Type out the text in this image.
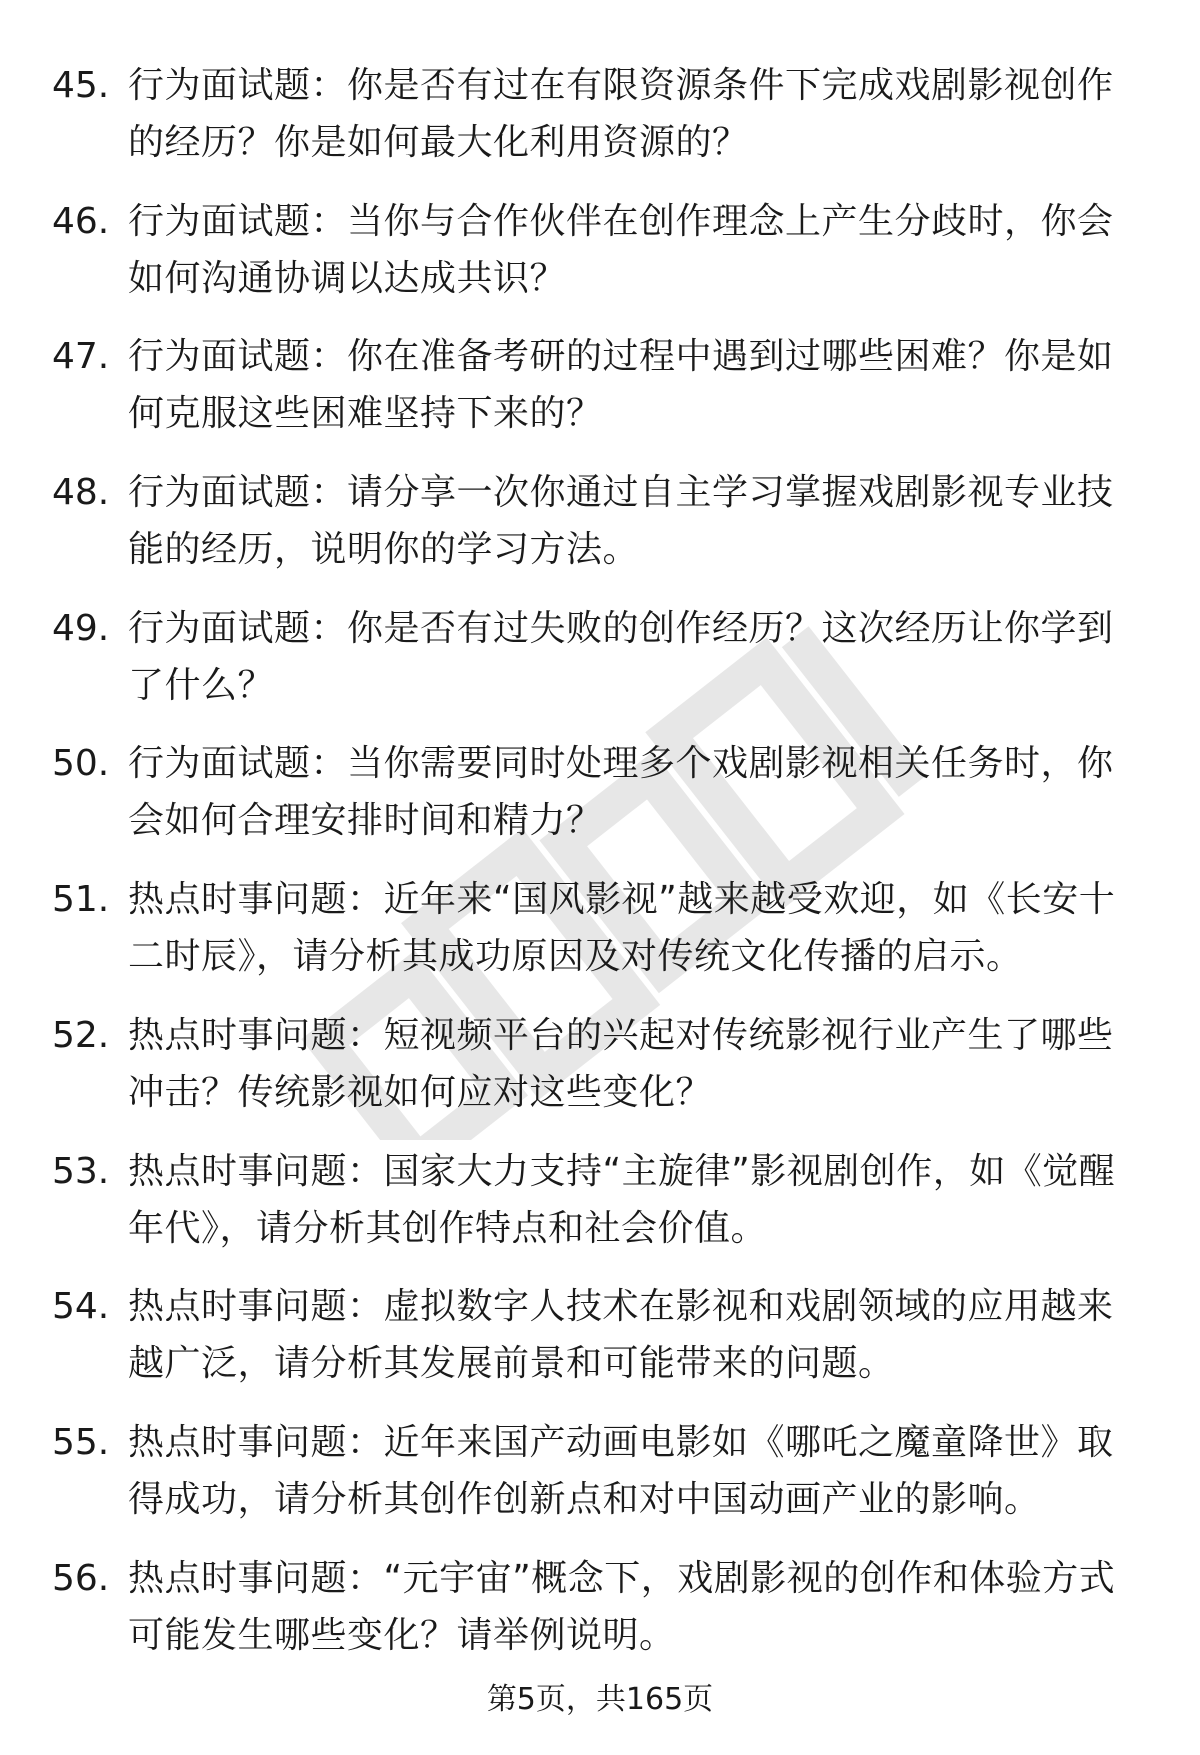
45. 行为面试题：你是否有过在有限资源条件下完成戏剧影视创作的经历？你是如何最大化利用资源的？
46. 行为面试题：当你与合作伙伴在创作理念上产生分歧时，你会如何沟通协调以达成共识？
47. 行为面试题：你在准备考研的过程中遇到过哪些困难？你是如何克服这些困难坚持下来的？
48. 行为面试题：请分享一次你通过自主学习掌握戏剧影视专业技能的经历，说明你的学习方法。
49. 行为面试题：你是否有过失败的创作经历？这次经历让你学到了什么？
50. 行为面试题：当你需要同时处理多个戏剧影视相关任务时，你会如何合理安排时间和精力？
51. 热点时事问题：近年来“国风影视”越来越受欢迎，如《长安十二时辰》，请分析其成功原因及对传统文化传播的启示。
52. 热点时事问题：短视频平台的兴起对传统影视行业产生了哪些冲击？传统影视如何应对这些变化？
53. 热点时事问题：国家大力支持“主旋律”影视剧创作，如《觉醒年代》，请分析其创作特点和社会价值。
54. 热点时事问题：虚拟数字人技术在影视和戏剧领域的应用越来越广泛，请分析其发展前景和可能带来的问题。
55. 热点时事问题：近年来国产动画电影如《哪吒之魔童降世》取得成功，请分析其创作创新点和对中国动画产业的影响。
56. 热点时事问题：“元宇宙”概念下，戏剧影视的创作和体验方式可能发生哪些变化？请举例说明。
第5页，共165页
